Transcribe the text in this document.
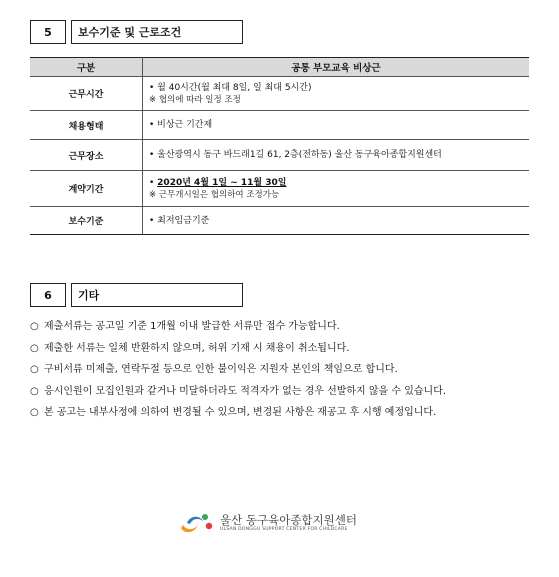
5	보수기준 및 근로조건
구분	공통 부모교육 비상근
근무시간	• 월 40시간(월 최대 8일, 일 최대 5시간)
※ 협의에 따라 일정 조정

채용형태	• 비상근 기간제

근무장소	• 울산광역시 동구 바드래1길 61, 2층(전하동) 울산 동구육아종합지원센터

계약기간	• 2020년 4월 1일 ~ 11월 30일
※ 근무개시일은 협의하여 조정가능

보수기준	• 최저임금기준
6	기타
○ 제출서류는 공고일 기준 1개월 이내 발급한 서류만 접수 가능합니다.
○ 제출한 서류는 일체 반환하지 않으며, 허위 기재 시 채용이 취소됩니다.
○ 구비서류 미제출, 연락두절 등으로 인한 불이익은 지원자 본인의 책임으로 합니다.
○ 응시인원이 모집인원과 같거나 미달하더라도 적격자가 없는 경우 선발하지 않을 수 있습니다.
○ 본 공고는 내부사정에 의하여 변경될 수 있으며, 변경된 사항은 재공고 후 시행 예정입니다.
울산 동구육아종합지원센터
ULSAN DONGGU SUPPORT CENTER FOR CHILDCARE
